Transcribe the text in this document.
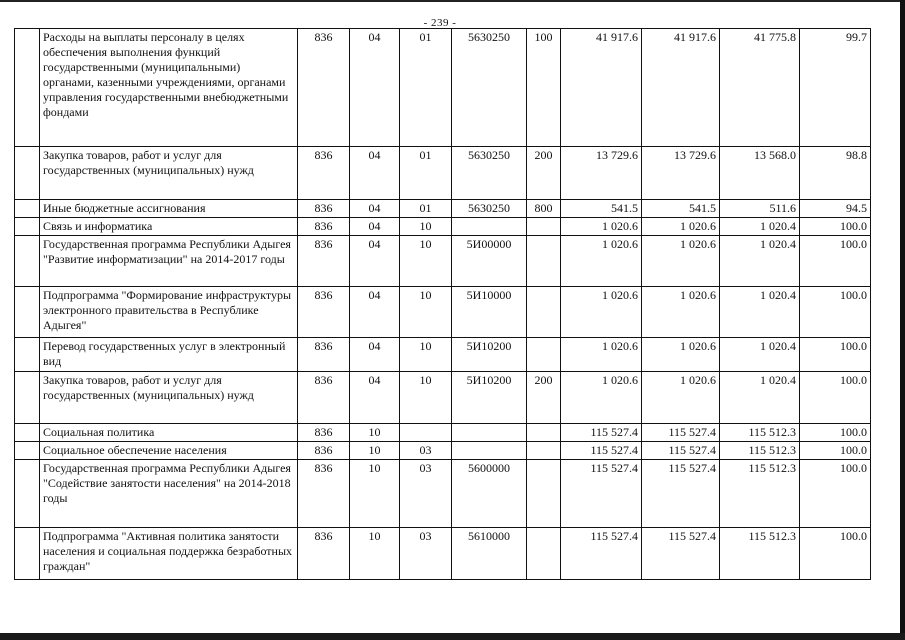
- 239 -
	Расходы на выплаты персоналу в целях обеспечения выполнения функций государственными (муниципальными) органами, казенными учреждениями, органами управления государственными внебюджетными фондами	836	04	01	5630250	100	41 917.6	41 917.6	41 775.8	99.7
	Закупка товаров, работ и услуг для государственных (муниципальных) нужд	836	04	01	5630250	200	13 729.6	13 729.6	13 568.0	98.8
	Иные бюджетные ассигнования	836	04	01	5630250	800	541.5	541.5	511.6	94.5
	Связь и информатика	836	04	10			1 020.6	1 020.6	1 020.4	100.0
	Государственная программа Республики Адыгея "Развитие информатизации" на 2014-2017 годы	836	04	10	5И00000		1 020.6	1 020.6	1 020.4	100.0
	Подпрограмма "Формирование инфраструктуры электронного правительства в Республике Адыгея"	836	04	10	5И10000		1 020.6	1 020.6	1 020.4	100.0
	Перевод государственных услуг в электронный вид	836	04	10	5И10200		1 020.6	1 020.6	1 020.4	100.0
	Закупка товаров, работ и услуг для государственных (муниципальных) нужд	836	04	10	5И10200	200	1 020.6	1 020.6	1 020.4	100.0
	Социальная политика	836	10				115 527.4	115 527.4	115 512.3	100.0
	Социальное обеспечение населения	836	10	03			115 527.4	115 527.4	115 512.3	100.0
	Государственная программа Республики Адыгея "Содействие занятости населения" на 2014-2018 годы	836	10	03	5600000		115 527.4	115 527.4	115 512.3	100.0
	Подпрограмма "Активная политика занятости населения и социальная поддержка безработных граждан"	836	10	03	5610000		115 527.4	115 527.4	115 512.3	100.0
